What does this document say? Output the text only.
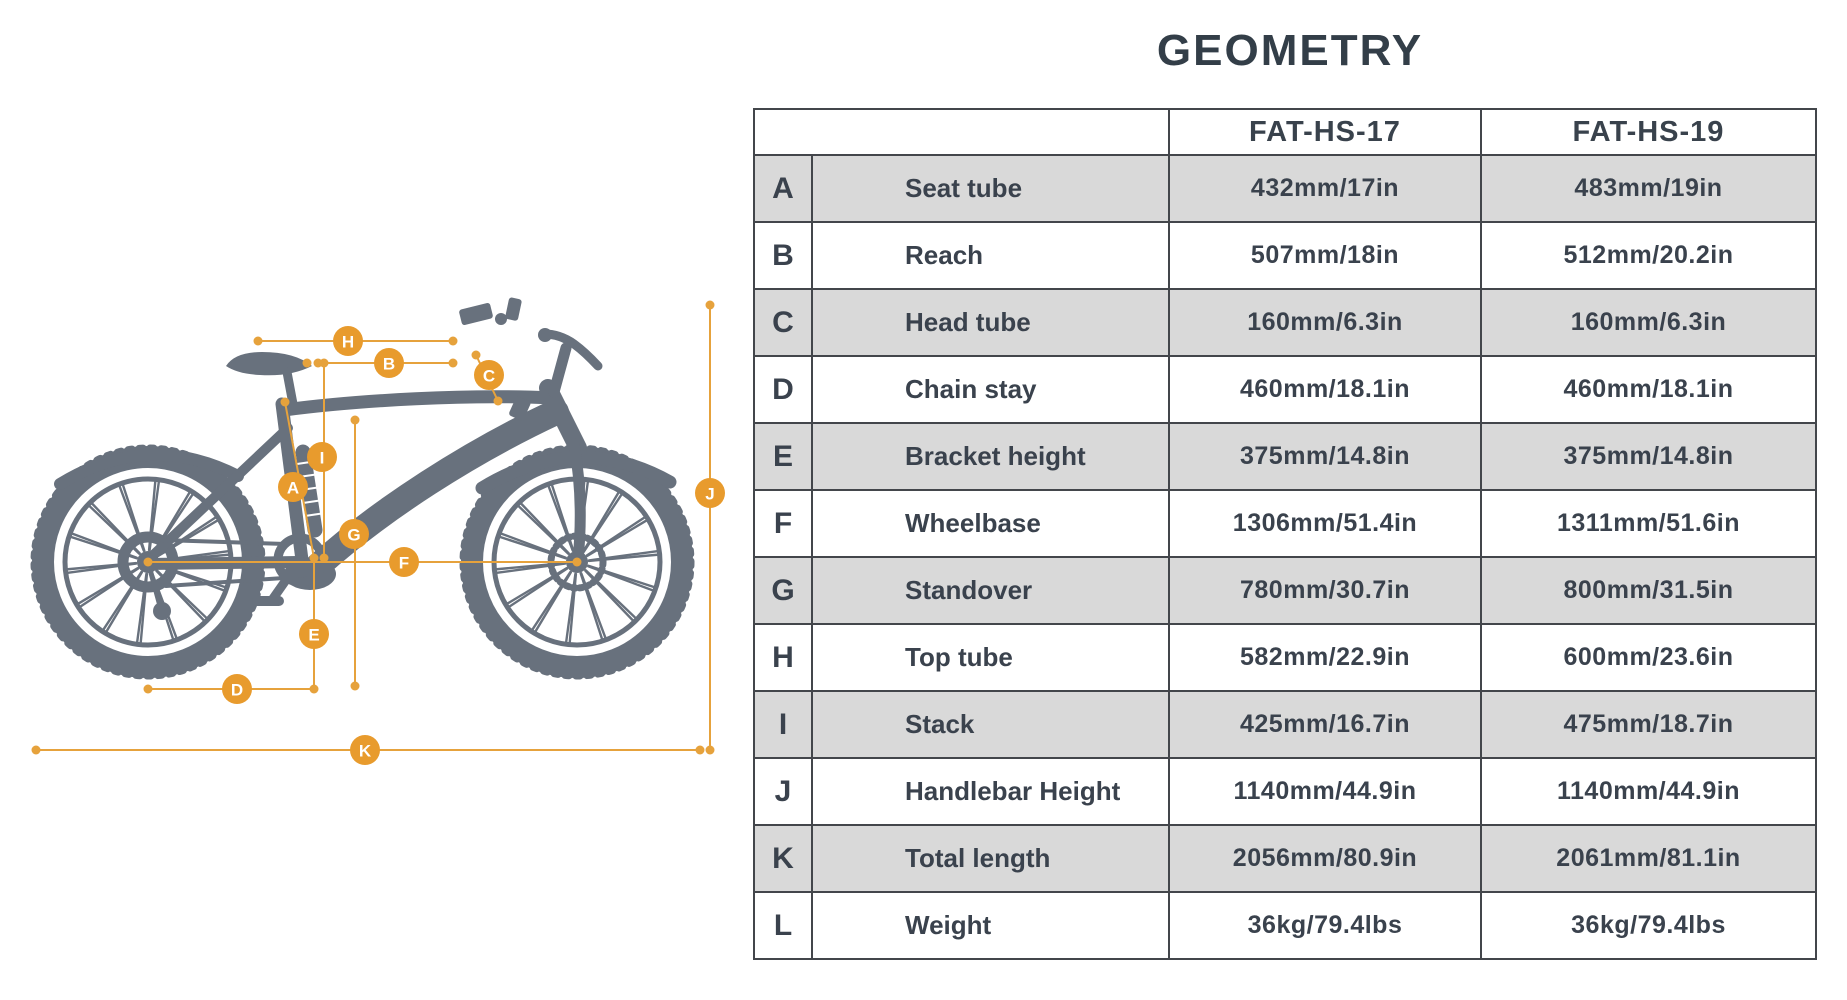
GEOMETRY
A
B
C
D
E
F
G
H
I
J
K
		FAT-HS-17	FAT-HS-19
A	Seat tube	432mm/17in	483mm/19in
B	Reach	507mm/18in	512mm/20.2in
C	Head tube	160mm/6.3in	160mm/6.3in
D	Chain stay	460mm/18.1in	460mm/18.1in
E	Bracket height	375mm/14.8in	375mm/14.8in
F	Wheelbase	1306mm/51.4in	1311mm/51.6in
G	Standover	780mm/30.7in	800mm/31.5in
H	Top tube	582mm/22.9in	600mm/23.6in
I	Stack	425mm/16.7in	475mm/18.7in
J	Handlebar Height	1140mm/44.9in	1140mm/44.9in
K	Total length	2056mm/80.9in	2061mm/81.1in
L	Weight	36kg/79.4lbs	36kg/79.4lbs
